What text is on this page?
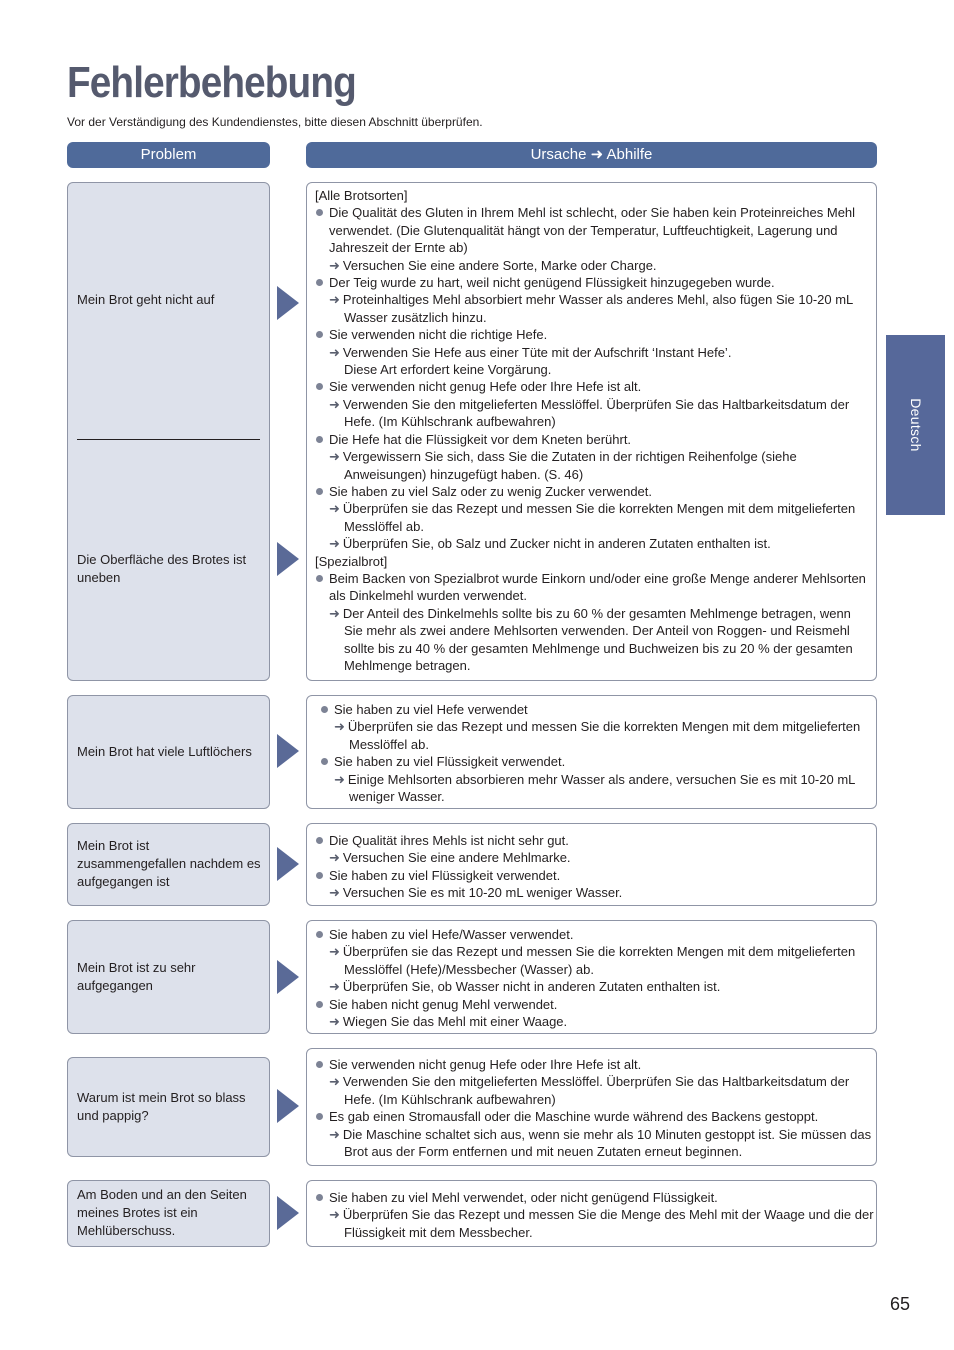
Fehlerbehebung
Vor der Verständigung des Kundendienstes, bitte diesen Abschnitt überprüfen.
Problem	Ursache ➜ Abhilfe
Mein Brot geht nicht auf
Die Oberfläche des Brotes ist uneben
[Alle Brotsorten]
Die Qualität des Gluten in Ihrem Mehl ist schlecht, oder Sie haben kein Proteinreiches Mehl
verwendet. (Die Glutenqualität hängt von der Temperatur, Luftfeuchtigkeit, Lagerung und
Jahreszeit der Ernte ab)
➜ Versuchen Sie eine andere Sorte, Marke oder Charge.
Der Teig wurde zu hart, weil nicht genügend Flüssigkeit hinzugegeben wurde.
➜ Proteinhaltiges Mehl absorbiert mehr Wasser als anderes Mehl, also fügen Sie 10-20 mL
Wasser zusätzlich hinzu.
Sie verwenden nicht die richtige Hefe.
➜ Verwenden Sie Hefe aus einer Tüte mit der Aufschrift ‘Instant Hefe’.
Diese Art erfordert keine Vorgärung.
Sie verwenden nicht genug Hefe oder Ihre Hefe ist alt.
➜ Verwenden Sie den mitgelieferten Messlöffel. Überprüfen Sie das Haltbarkeitsdatum der
Hefe. (Im Kühlschrank aufbewahren)
Die Hefe hat die Flüssigkeit vor dem Kneten berührt.
➜ Vergewissern Sie sich, dass Sie die Zutaten in der richtigen Reihenfolge (siehe
Anweisungen) hinzugefügt haben. (S. 46)
Sie haben zu viel Salz oder zu wenig Zucker verwendet.
➜ Überprüfen sie das Rezept und messen Sie die korrekten Mengen mit dem mitgelieferten
Messlöffel ab.
➜ Überprüfen Sie, ob Salz und Zucker nicht in anderen Zutaten enthalten ist.
[Spezialbrot]
Beim Backen von Spezialbrot wurde Einkorn und/oder eine große Menge anderer Mehlsorten
als Dinkelmehl wurden verwendet.
➜ Der Anteil des Dinkelmehls sollte bis zu 60 % der gesamten Mehlmenge betragen, wenn
Sie mehr als zwei andere Mehlsorten verwenden. Der Anteil von Roggen- und Reismehl
sollte bis zu 40 % der gesamten Mehlmenge und Buchweizen bis zu 20 % der gesamten
Mehlmenge betragen.
Mein Brot hat viele Luftlöchers
Sie haben zu viel Hefe verwendet
➜ Überprüfen sie das Rezept und messen Sie die korrekten Mengen mit dem mitgelieferten
Messlöffel ab.
Sie haben zu viel Flüssigkeit verwendet.
➜ Einige Mehlsorten absorbieren mehr Wasser als andere, versuchen Sie es mit 10-20 mL
weniger Wasser.
Mein Brot ist zusammengefallen nachdem es aufgegangen ist
Die Qualität ihres Mehls ist nicht sehr gut.
➜ Versuchen Sie eine andere Mehlmarke.
Sie haben zu viel Flüssigkeit verwendet.
➜ Versuchen Sie es mit 10-20 mL weniger Wasser.
Mein Brot ist zu sehr aufgegangen
Sie haben zu viel Hefe/Wasser verwendet.
➜ Überprüfen sie das Rezept und messen Sie die korrekten Mengen mit dem mitgelieferten
Messlöffel (Hefe)/Messbecher (Wasser) ab.
➜ Überprüfen Sie, ob Wasser nicht in anderen Zutaten enthalten ist.
Sie haben nicht genug Mehl verwendet.
➜ Wiegen Sie das Mehl mit einer Waage.
Warum ist mein Brot so blass und pappig?
Sie verwenden nicht genug Hefe oder Ihre Hefe ist alt.
➜ Verwenden Sie den mitgelieferten Messlöffel. Überprüfen Sie das Haltbarkeitsdatum der
Hefe. (Im Kühlschrank aufbewahren)
Es gab einen Stromausfall oder die Maschine wurde während des Backens gestoppt.
➜ Die Maschine schaltet sich aus, wenn sie mehr als 10 Minuten gestoppt ist. Sie müssen das
Brot aus der Form entfernen und mit neuen Zutaten erneut beginnen.
Am Boden und an den Seiten meines Brotes ist ein Mehlüberschuss.
Sie haben zu viel Mehl verwendet, oder nicht genügend Flüssigkeit.
➜ Überprüfen Sie das Rezept und messen Sie die Menge des Mehl mit der Waage und die der
Flüssigkeit mit dem Messbecher.
Deutsch
65
